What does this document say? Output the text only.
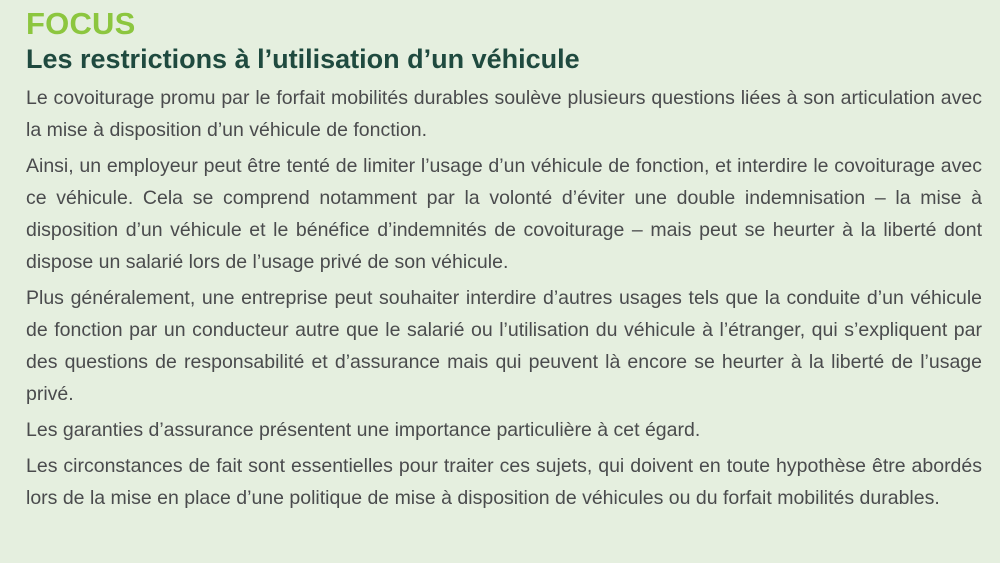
FOCUS
Les restrictions à l’utilisation d’un véhicule

Le covoiturage promu par le forfait mobilités durables soulève plusieurs questions liées à son articulation avec la mise à disposition d’un véhicule de fonction.

Ainsi, un employeur peut être tenté de limiter l’usage d’un véhicule de fonction, et interdire le covoiturage avec ce véhicule. Cela se comprend notamment par la volonté d’éviter une double indemnisation – la mise à disposition d’un véhicule et le bénéfice d’indemnités de covoiturage – mais peut se heurter à la liberté dont dispose un salarié lors de l’usage privé de son véhicule.

Plus généralement, une entreprise peut souhaiter interdire d’autres usages tels que la conduite d’un véhicule de fonction par un conducteur autre que le salarié ou l’utilisation du véhicule à l’étranger, qui s’expliquent par des questions de responsabilité et d’assurance mais qui peuvent là encore se heurter à la liberté de l’usage privé.

Les garanties d’assurance présentent une importance particulière à cet égard.

Les circonstances de fait sont essentielles pour traiter ces sujets, qui doivent en toute hypothèse être abordés lors de la mise en place d’une politique de mise à disposition de véhicules ou du forfait mobilités durables.
